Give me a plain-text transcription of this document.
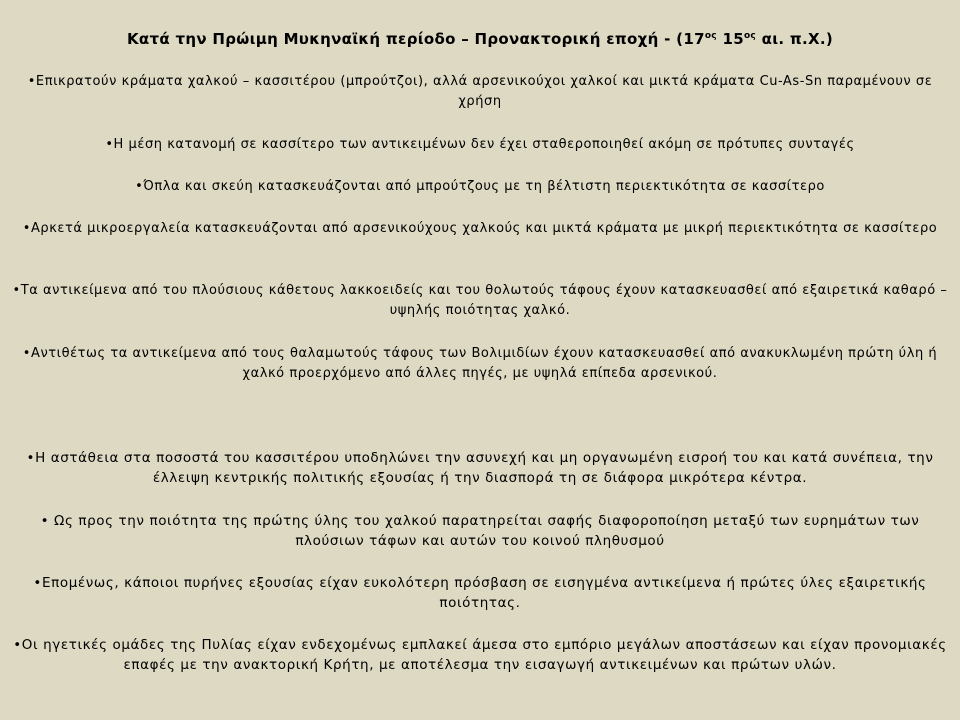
Κατά την Πρώιμη Μυκηναϊκή περίοδο – Προνακτορική εποχή - ($17^{o\varsigma}$ $15^{o\varsigma}$ αι. π.Χ.)
•Επικρατούν κράματα χαλκού – κασσιτέρου (μπρούτζοι), αλλά αρσενικούχοι χαλκοί και μικτά κράματα Cu-As-Sn παραμένουν σε χρήση
•Η μέση κατανομή σε κασσίτερο των αντικειμένων δεν έχει σταθεροποιηθεί ακόμη σε πρότυπες συνταγές
•Όπλα και σκεύη κατασκευάζονται από μπρούτζους με τη βέλτιστη περιεκτικότητα σε κασσίτερο
•Αρκετά μικροεργαλεία κατασκευάζονται από αρσενικούχους χαλκούς και μικτά κράματα με μικρή περιεκτικότητα σε κασσίτερο
•Τα αντικείμενα από του πλούσιους κάθετους λακκοειδείς και του θολωτούς τάφους έχουν κατασκευασθεί από εξαιρετικά καθαρό – υψηλής ποιότητας χαλκό.
•Αντιθέτως τα αντικείμενα από τους θαλαμωτούς τάφους των Βολιμιδίων έχουν κατασκευασθεί από ανακυκλωμένη πρώτη ύλη ή χαλκό προερχόμενο από άλλες πηγές, με υψηλά επίπεδα αρσενικού.
•Η αστάθεια στα ποσοστά του κασσιτέρου υποδηλώνει την ασυνεχή και μη οργανωμένη εισροή του και κατά συνέπεια, την έλλειψη κεντρικής πολιτικής εξουσίας ή την διασπορά τη σε διάφορα μικρότερα κέντρα.
• Ως προς την ποιότητα της πρώτης ύλης του χαλκού παρατηρείται σαφής διαφοροποίηση μεταξύ των ευρημάτων των πλούσιων τάφων και αυτών του κοινού πληθυσμού
•Επομένως, κάποιοι πυρήνες εξουσίας είχαν ευκολότερη πρόσβαση σε εισηγμένα αντικείμενα ή πρώτες ύλες εξαιρετικής ποιότητας.
•Οι ηγετικές ομάδες της Πυλίας είχαν ενδεχομένως εμπλακεί άμεσα στο εμπόριο μεγάλων αποστάσεων και είχαν προνομιακές επαφές με την ανακτορική Κρήτη, με αποτέλεσμα την εισαγωγή αντικειμένων και πρώτων υλών.
